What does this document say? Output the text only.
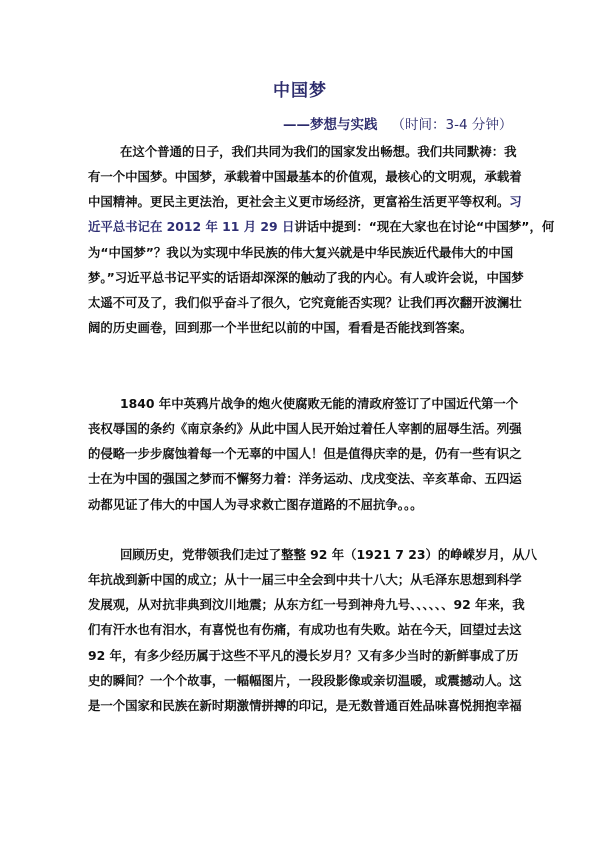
中国梦
——梦想与实践 （时间：3-4 分钟）
在这个普通的日子，我们共同为我们的国家发出畅想。我们共同默祷：我
有一个中国梦。中国梦，承载着中国最基本的价值观，最核心的文明观，承载着
中国精神。更民主更法治，更社会主义更市场经济，更富裕生活更平等权利。习
近平总书记在 2012 年 11 月 29 日讲话中提到：“现在大家也在讨论“中国梦”，何
为“中国梦”？我以为实现中华民族的伟大复兴就是中华民族近代最伟大的中国
梦。”习近平总书记平实的话语却深深的触动了我的内心。有人或许会说，中国梦
太遥不可及了，我们似乎奋斗了很久，它究竟能否实现？让我们再次翻开波澜壮
阔的历史画卷，回到那一个半世纪以前的中国，看看是否能找到答案。
1840 年中英鸦片战争的炮火使腐败无能的清政府签订了中国近代第一个
丧权辱国的条约《南京条约》从此中国人民开始过着任人宰割的屈辱生活。列强
的侵略一步步腐蚀着每一个无辜的中国人！但是值得庆幸的是，仍有一些有识之
士在为中国的强国之梦而不懈努力着：洋务运动、戊戌变法、辛亥革命、五四运
动都见证了伟大的中国人为寻求救亡图存道路的不屈抗争。。。
回顾历史，党带领我们走过了整整 92 年（1921 7 23）的峥嵘岁月，从八
年抗战到新中国的成立；从十一届三中全会到中共十八大；从毛泽东思想到科学
发展观，从对抗非典到汶川地震；从东方红一号到神舟九号、、、、、、92 年来，我
们有汗水也有泪水，有喜悦也有伤痛，有成功也有失败。站在今天，回望过去这
92 年，有多少经历属于这些不平凡的漫长岁月？又有多少当时的新鲜事成了历
史的瞬间？一个个故事，一幅幅图片，一段段影像或亲切温暖，或震撼动人。这
是一个国家和民族在新时期激情拼搏的印记，是无数普通百姓品味喜悦拥抱幸福
